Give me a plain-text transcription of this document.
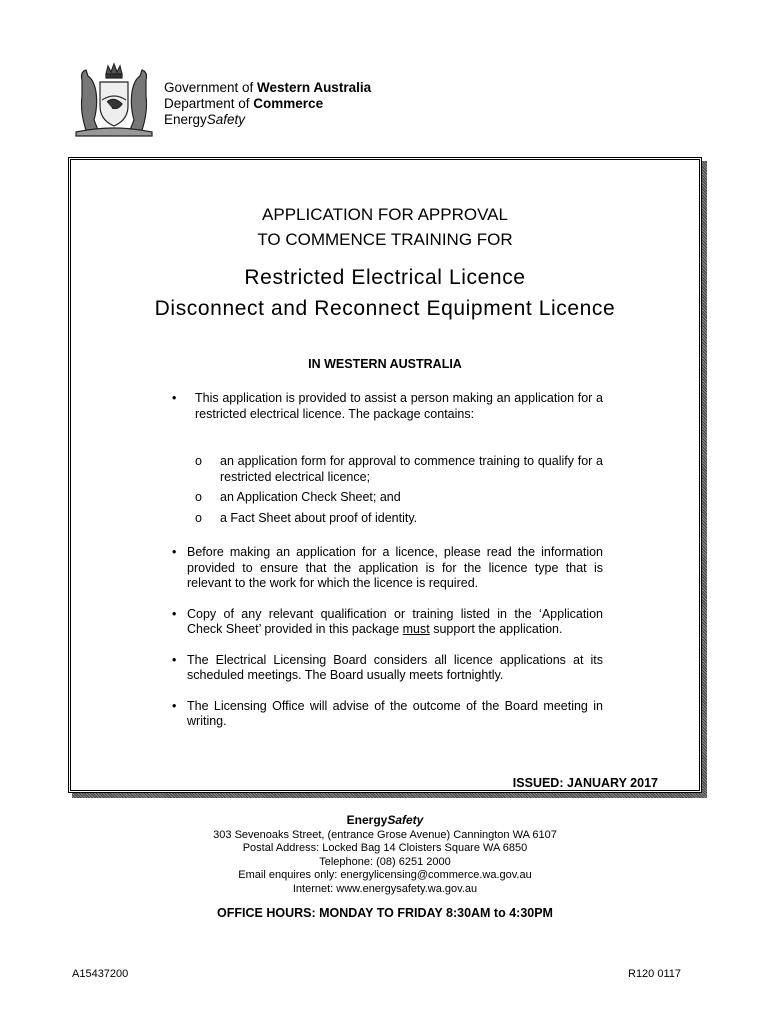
Government of Western Australia
Department of Commerce
EnergySafety
APPLICATION FOR APPROVAL
TO COMMENCE TRAINING FOR
Restricted Electrical Licence
Disconnect and Reconnect Equipment Licence
IN WESTERN AUSTRALIA
• This application is provided to assist a person making an application for a restricted electrical licence. The package contains:
o an application form for approval to commence training to qualify for a restricted electrical licence;
o an Application Check Sheet; and
o a Fact Sheet about proof of identity.
• Before making an application for a licence, please read the information provided to ensure that the application is for the licence type that is relevant to the work for which the licence is required.
• Copy of any relevant qualification or training listed in the ‘Application Check Sheet’ provided in this package must support the application.
• The Electrical Licensing Board considers all licence applications at its scheduled meetings. The Board usually meets fortnightly.
• The Licensing Office will advise of the outcome of the Board meeting in writing.
ISSUED: JANUARY 2017
EnergySafety
303 Sevenoaks Street, (entrance Grose Avenue) Cannington WA 6107
Postal Address: Locked Bag 14 Cloisters Square WA 6850
Telephone: (08) 6251 2000
Email enquires only: energylicensing@commerce.wa.gov.au
Internet: www.energysafety.wa.gov.au
OFFICE HOURS: MONDAY TO FRIDAY 8:30AM to 4:30PM
A15437200	R120 0117
